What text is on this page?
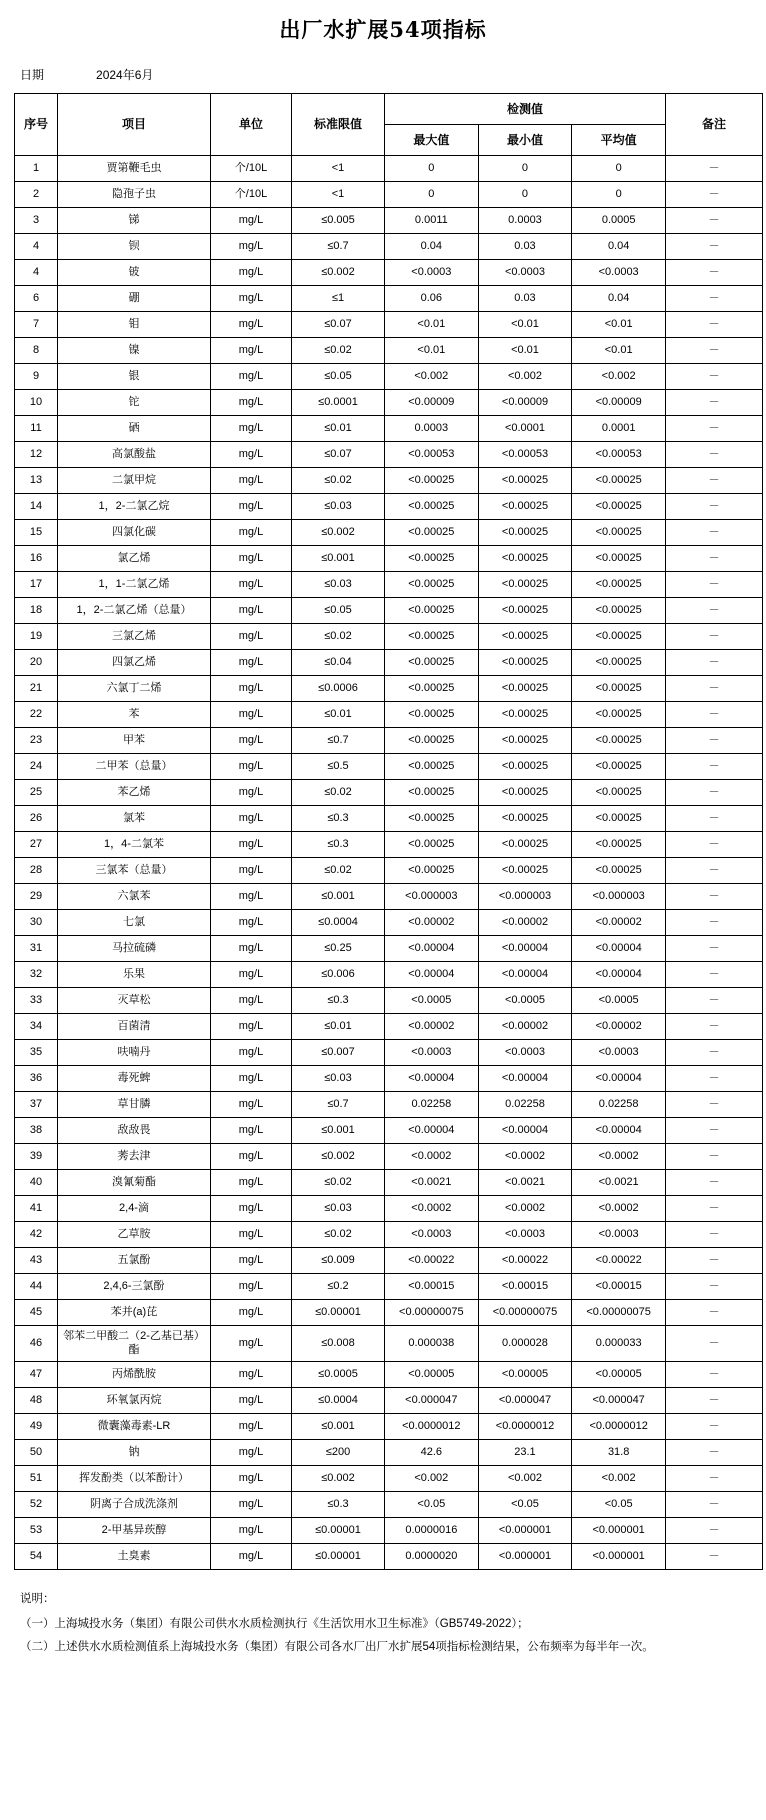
出厂水扩展54项指标
日期	2024年6月
序号	项目	单位	标准限值	检测值			备注
				最大值	最小值	平均值	
1	贾第鞭毛虫	个/10L	<1	0	0	0	－
2	隐孢子虫	个/10L	<1	0	0	0	－
3	锑	mg/L	≤0.005	0.0011	0.0003	0.0005	－
4	钡	mg/L	≤0.7	0.04	0.03	0.04	－
4	铍	mg/L	≤0.002	<0.0003	<0.0003	<0.0003	－
6	硼	mg/L	≤1	0.06	0.03	0.04	－
7	钼	mg/L	≤0.07	<0.01	<0.01	<0.01	－
8	镍	mg/L	≤0.02	<0.01	<0.01	<0.01	－
9	银	mg/L	≤0.05	<0.002	<0.002	<0.002	－
10	铊	mg/L	≤0.0001	<0.00009	<0.00009	<0.00009	－
11	硒	mg/L	≤0.01	0.0003	<0.0001	0.0001	－
12	高氯酸盐	mg/L	≤0.07	<0.00053	<0.00053	<0.00053	－
13	二氯甲烷	mg/L	≤0.02	<0.00025	<0.00025	<0.00025	－
14	1，2-二氯乙烷	mg/L	≤0.03	<0.00025	<0.00025	<0.00025	－
15	四氯化碳	mg/L	≤0.002	<0.00025	<0.00025	<0.00025	－
16	氯乙烯	mg/L	≤0.001	<0.00025	<0.00025	<0.00025	－
17	1，1-二氯乙烯	mg/L	≤0.03	<0.00025	<0.00025	<0.00025	－
18	1，2-二氯乙烯（总量）	mg/L	≤0.05	<0.00025	<0.00025	<0.00025	－
19	三氯乙烯	mg/L	≤0.02	<0.00025	<0.00025	<0.00025	－
20	四氯乙烯	mg/L	≤0.04	<0.00025	<0.00025	<0.00025	－
21	六氯丁二烯	mg/L	≤0.0006	<0.00025	<0.00025	<0.00025	－
22	苯	mg/L	≤0.01	<0.00025	<0.00025	<0.00025	－
23	甲苯	mg/L	≤0.7	<0.00025	<0.00025	<0.00025	－
24	二甲苯（总量）	mg/L	≤0.5	<0.00025	<0.00025	<0.00025	－
25	苯乙烯	mg/L	≤0.02	<0.00025	<0.00025	<0.00025	－
26	氯苯	mg/L	≤0.3	<0.00025	<0.00025	<0.00025	－
27	1，4-二氯苯	mg/L	≤0.3	<0.00025	<0.00025	<0.00025	－
28	三氯苯（总量）	mg/L	≤0.02	<0.00025	<0.00025	<0.00025	－
29	六氯苯	mg/L	≤0.001	<0.000003	<0.000003	<0.000003	－
30	七氯	mg/L	≤0.0004	<0.00002	<0.00002	<0.00002	－
31	马拉硫磷	mg/L	≤0.25	<0.00004	<0.00004	<0.00004	－
32	乐果	mg/L	≤0.006	<0.00004	<0.00004	<0.00004	－
33	灭草松	mg/L	≤0.3	<0.0005	<0.0005	<0.0005	－
34	百菌清	mg/L	≤0.01	<0.00002	<0.00002	<0.00002	－
35	呋喃丹	mg/L	≤0.007	<0.0003	<0.0003	<0.0003	－
36	毒死蜱	mg/L	≤0.03	<0.00004	<0.00004	<0.00004	－
37	草甘膦	mg/L	≤0.7	0.02258	0.02258	0.02258	－
38	敌敌畏	mg/L	≤0.001	<0.00004	<0.00004	<0.00004	－
39	莠去津	mg/L	≤0.002	<0.0002	<0.0002	<0.0002	－
40	溴氰菊酯	mg/L	≤0.02	<0.0021	<0.0021	<0.0021	－
41	2,4-滴	mg/L	≤0.03	<0.0002	<0.0002	<0.0002	－
42	乙草胺	mg/L	≤0.02	<0.0003	<0.0003	<0.0003	－
43	五氯酚	mg/L	≤0.009	<0.00022	<0.00022	<0.00022	－
44	2,4,6-三氯酚	mg/L	≤0.2	<0.00015	<0.00015	<0.00015	－
45	苯并(a)芘	mg/L	≤0.00001	<0.00000075	<0.00000075	<0.00000075	－
46	邻苯二甲酸二（2-乙基已基）酯	mg/L	≤0.008	0.000038	0.000028	0.000033	－
47	丙烯酰胺	mg/L	≤0.0005	<0.00005	<0.00005	<0.00005	－
48	环氧氯丙烷	mg/L	≤0.0004	<0.000047	<0.000047	<0.000047	－
49	微囊藻毒素-LR	mg/L	≤0.001	<0.0000012	<0.0000012	<0.0000012	－
50	钠	mg/L	≤200	42.6	23.1	31.8	－
51	挥发酚类（以苯酚计）	mg/L	≤0.002	<0.002	<0.002	<0.002	－
52	阴离子合成洗涤剂	mg/L	≤0.3	<0.05	<0.05	<0.05	－
53	2-甲基异莰醇	mg/L	≤0.00001	0.0000016	<0.000001	<0.000001	－
54	土臭素	mg/L	≤0.00001	0.0000020	<0.000001	<0.000001	－
说明：
（一）上海城投水务（集团）有限公司供水水质检测执行《生活饮用水卫生标准》（GB5749-2022）；
（二）上述供水水质检测值系上海城投水务（集团）有限公司各水厂出厂水扩展54项指标检测结果，公布频率为每半年一次。
